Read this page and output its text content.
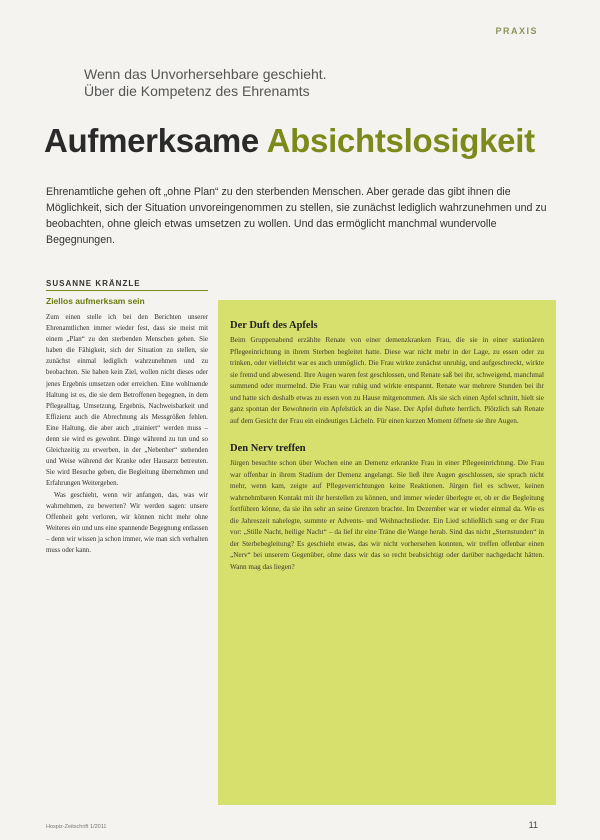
PRAXIS
Wenn das Unvorhersehbare geschieht.
Über die Kompetenz des Ehrenamts
Aufmerksame Absichtslosigkeit
Ehrenamtliche gehen oft „ohne Plan“ zu den sterbenden Menschen. Aber gerade das gibt ihnen die Möglichkeit, sich der Situation unvoreingenommen zu stellen, sie zunächst lediglich wahrzunehmen und zu beobachten, ohne gleich etwas umsetzen zu wollen. Und das ermöglicht manchmal wundervolle Begegnungen.
SUSANNE KRÄNZLE
Ziellos aufmerksam sein

Zum einen stelle ich bei den Berichten unserer Ehrenamtlichen immer wieder fest, dass sie meist mit einem „Plan“ zu den sterbenden Menschen gehen. Sie haben die Fähigkeit, sich der Situation zu stellen, sie zunächst einmal lediglich wahrzunehmen und zu beobachten. Sie haben kein Ziel, wollen nicht dieses oder jenes Ergebnis umsetzen oder erreichen. Eine wohltuende Haltung ist es, die sie dem Betroffenen begegnen, in dem Pflegealltag, Umsetzung, Ergebnis, Nachweisbarkeit und Effizienz auch die Abrechnung als Messgrößen fehlen. Eine Haltung, die aber auch „trainiert“ werden muss – denn sie wird es gewohnt. Dinge während zu tun und so Gleichzeitig zu erwerben, in der „Nebenher“ stehenden und Weise während der Kranke oder Hausarzt betreuten. Sie wird Besuche geben, die Begleitung übernehmen und Erfahrungen Weitergeben.

Was geschieht, wenn wir anfangen, das, was wir wahrnehmen, zu bewerten? Wir werden sagen: unsere Offenheit geht verloren, wir können nicht mehr ohne Weiteres ein und uns eine spannende Begegnung entlassen – denn wir wissen ja schon immer, wie man sich verhalten muss oder kann.

Der Duft des Apfels

Beim Gruppenabend erzählte Renate von einer demenzkranken Frau, die sie in einer stationären Pflegeeinrichtung in ihrem Sterben begleitet hatte. Diese war nicht mehr in der Lage, zu essen oder zu trinken, oder vielleicht war es auch unmöglich. Die Frau wirkte zunächst unruhig, und aufgeschreckt, wirkte sie fremd und abwesend. Ihre Augen waren fest geschlossen, und Renate saß bei ihr, schweigend, manchmal summend oder murmelnd. Die Frau war ruhig und wirkte entspannt. Renate war mehrere Stunden bei ihr und hatte sich deshalb etwas zu essen von zu Hause mitgenommen. Als sie sich einen Apfel schnitt, hielt sie ganz spontan der Bewohnerin ein Apfelstück an die Nase. Der Apfel duftete herrlich. Plötzlich sah Renate auf dem Gesicht der Frau ein eindeutiges Lächeln. Für einen kurzen Moment öffnete sie ihre Augen.

Den Nerv treffen

Jürgen besuchte schon über Wochen eine an Demenz erkrankte Frau in einer Pflegeeinrichtung. Die Frau war offenbar in ihrem Stadium der Demenz angelangt. Sie ließ ihre Augen geschlossen, sie sprach nicht mehr, wenn kam, zeigte auf Pflegeverrichtungen keine Reaktionen. Jürgen fiel es schwer, keinen wahrnehmbaren Kontakt mit ihr herstellen zu können, und immer wieder überlegte er, ob er die Begleitung fortführen könne, da sie ihn sehr an seine Grenzen brachte. Im Dezember war er wieder einmal da. Wie es die Jahreszeit nahelegte, summte er Advents- und Weihnachtslieder. Ein Lied schließlich sang er der Frau vor: „Stille Nacht, heilige Nacht“ – da lief ihr eine Träne die Wange herab. Sind das nicht „Sternstunden“ in der Sterbebegleitung? Es geschieht etwas, das wir nicht vorhersehen konnten, wir treffen offenbar einen „Nerv“ bei unserem Gegenüber, ohne dass wir das so recht beabsichtigt oder darüber nachgedacht hätten. Wann mag das liegen?

Hospiz-Zeitschrift 1/2011	11
